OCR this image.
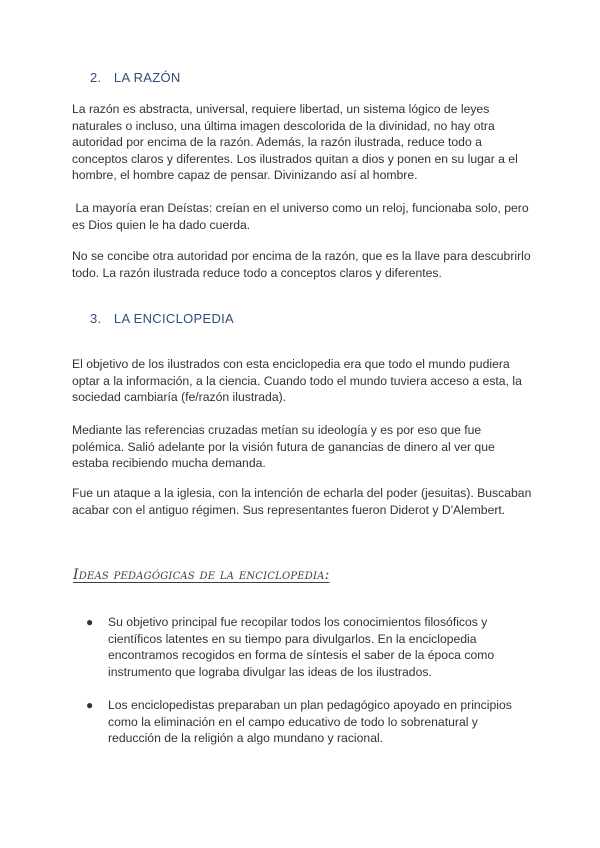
2. LA RAZÓN

La razón es abstracta, universal, requiere libertad, un sistema lógico de leyes naturales o incluso, una última imagen descolorida de la divinidad, no hay otra autoridad por encima de la razón. Además, la razón ilustrada, reduce todo a conceptos claros y diferentes. Los ilustrados quitan a dios y ponen en su lugar a el hombre, el hombre capaz de pensar. Divinizando así al hombre.

La mayoría eran Deístas: creían en el universo como un reloj, funcionaba solo, pero es Dios quien le ha dado cuerda.

No se concibe otra autoridad por encima de la razón, que es la llave para descubrirlo todo. La razón ilustrada reduce todo a conceptos claros y diferentes.

3. LA ENCICLOPEDIA

El objetivo de los ilustrados con esta enciclopedia era que todo el mundo pudiera optar a la información, a la ciencia. Cuando todo el mundo tuviera acceso a esta, la sociedad cambiaría (fe/razón ilustrada).

Mediante las referencias cruzadas metían su ideología y es por eso que fue polémica. Salió adelante por la visión futura de ganancias de dinero al ver que estaba recibiendo mucha demanda.

Fue un ataque a la iglesia, con la intención de echarla del poder (jesuitas). Buscaban acabar con el antiguo régimen. Sus representantes fueron Diderot y D'Alembert.

Ideas pedagógicas de la enciclopedia:
●	Su objetivo principal fue recopilar todos los conocimientos filosóficos y científicos latentes en su tiempo para divulgarlos. En la enciclopedia encontramos recogidos en forma de síntesis el saber de la época como instrumento que lograba divulgar las ideas de los ilustrados.

●	Los enciclopedistas preparaban un plan pedagógico apoyado en principios como la eliminación en el campo educativo de todo lo sobrenatural y reducción de la religión a algo mundano y racional.
